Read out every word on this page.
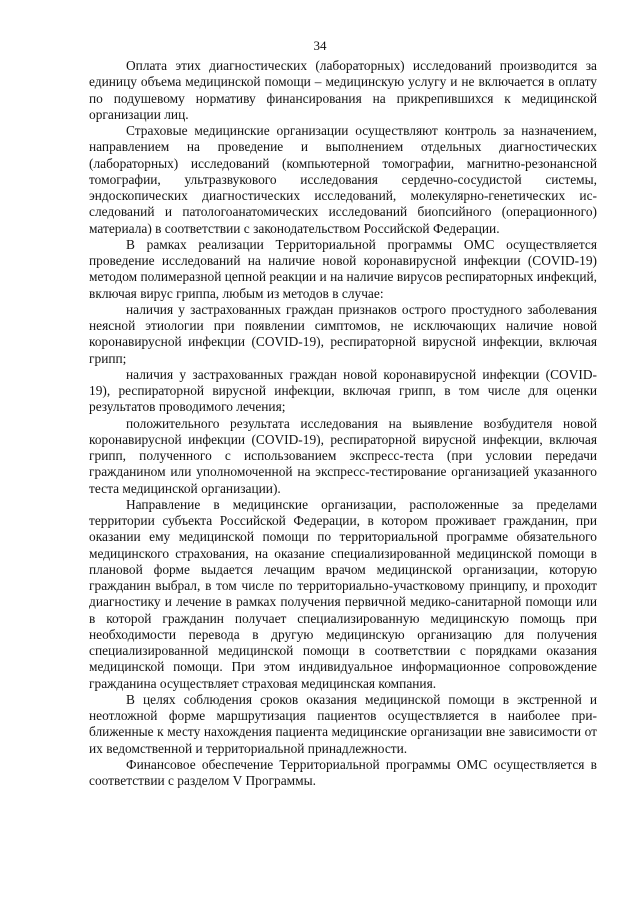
34

Оплата этих диагностических (лабораторных) исследований производится за единицу объема медицинской помощи – медицинскую услугу и не включается в оплату по подушевому нормативу финансирования на прикрепившихся к медицинской организации лиц.

Страховые медицинские организации осуществляют контроль за назначением, направлением на проведение и выполнением отдельных диагностических (лабораторных) исследований (компьютерной томографии, магнитно-резонансной томографии, ультразвукового исследования сердечно-сосудистой системы, эндоскопических диагностических исследований, молекулярно-генетических исследований и патологоанатомических исследований биопсийного (операционного) материала) в соответствии с законодательством Российской Федерации.

В рамках реализации Территориальной программы ОМС осуществляется проведение исследований на наличие новой коронавирусной инфекции (COVID-19) методом полимеразной цепной реакции и на наличие вирусов респираторных инфекций, включая вирус гриппа, любым из методов в случае:

наличия у застрахованных граждан признаков острого простудного заболевания неясной этиологии при появлении симптомов, не исключающих наличие новой коронавирусной инфекции (COVID-19), респираторной вирусной инфекции, включая грипп;

наличия у застрахованных граждан новой коронавирусной инфекции (COVID-19), респираторной вирусной инфекции, включая грипп, в том числе для оценки результатов проводимого лечения;

положительного результата исследования на выявление возбудителя новой коронавирусной инфекции (COVID-19), респираторной вирусной инфекции, включая грипп, полученного с использованием экспресс-теста (при условии передачи гражданином или уполномоченной на экспресс-тестирование организацией указанного теста медицинской организации).

Направление в медицинские организации, расположенные за пределами территории субъекта Российской Федерации, в котором проживает гражданин, при оказании ему медицинской помощи по территориальной программе обязательного медицинского страхования, на оказание специализированной медицинской помощи в плановой форме выдается лечащим врачом медицинской организации, которую гражданин выбрал, в том числе по территориально-участковому принципу, и проходит диагностику и лечение в рамках получения первичной медико-санитарной помощи или в которой гражданин получает специализированную медицинскую помощь при необходимости перевода в другую медицинскую организацию для получения специализированной медицинской помощи в соответствии с порядками оказания медицинской помощи. При этом индивидуальное информационное сопровождение гражданина осуществляет страховая медицинская компания.

В целях соблюдения сроков оказания медицинской помощи в экстренной и неотложной форме маршрутизация пациентов осуществляется в наиболее приближенные к месту нахождения пациента медицинские организации вне зависимости от их ведомственной и территориальной принадлежности.

Финансовое обеспечение Территориальной программы ОМС осуществляется в соответствии с разделом V Программы.
